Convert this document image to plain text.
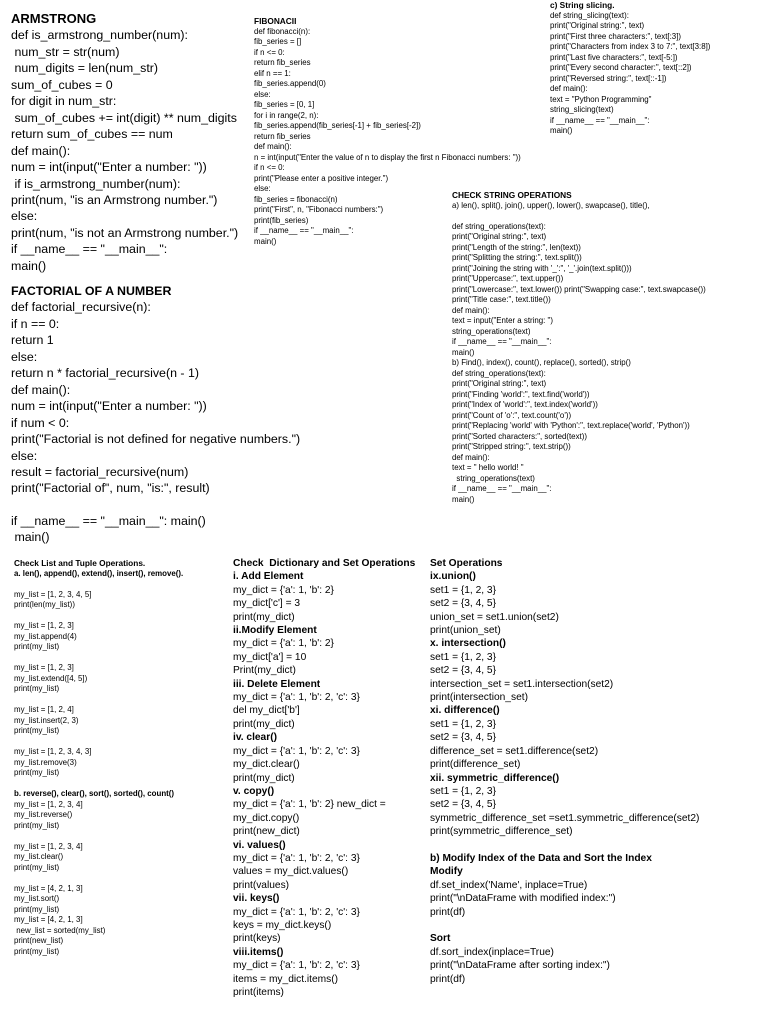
ARMSTRONG
def is_armstrong_number(num):
num_str = str(num)
num_digits = len(num_str)
sum_of_cubes = 0
for digit in num_str:
sum_of_cubes += int(digit) ** num_digits
return sum_of_cubes == num
def main():
num = int(input("Enter a number: "))
if is_armstrong_number(num):
print(num, "is an Armstrong number.")
else:
print(num, "is not an Armstrong number.")
if __name__ == "__main__":
main()
FACTORIAL OF A NUMBER
def factorial_recursive(n):
if n == 0:
return 1
else:
return n * factorial_recursive(n - 1)
def main():
num = int(input("Enter a number: "))
if num < 0:
print("Factorial is not defined for negative numbers.")
else:
result = factorial_recursive(num)
print("Factorial of", num, "is:", result)
if __name__ == "__main__": main()
main()
FIBONACII
def fibonacci(n):
fib_series = []
if n <= 0:
return fib_series
elif n == 1:
fib_series.append(0)
else:
fib_series = [0, 1]
for i in range(2, n):
fib_series.append(fib_series[-1] + fib_series[-2])
return fib_series
def main():
n = int(input("Enter the value of n to display the first n Fibonacci numbers: "))
if n <= 0:
print("Please enter a positive integer.")
else:
fib_series = fibonacci(n)
print("First", n, "Fibonacci numbers:")
print(fib_series)
if __name__ == "__main__":
main()
c) String slicing.
def string_slicing(text):
print("Original string:", text)
print("First three characters:", text[:3])
print("Characters from index 3 to 7:", text[3:8])
print("Last five characters:", text[-5:])
print("Every second character:", text[::2])
print("Reversed string:", text[::-1])
def main():
text = "Python Programming"
string_slicing(text)
if __name__ == "__main__":
main()
CHECK STRING OPERATIONS
a) len(), split(), join(), upper(), lower(), swapcase(), title(),
def string_operations(text):
print("Original string:", text)
print("Length of the string:", len(text))
print("Splitting the string:", text.split())
print("Joining the string with '_':", '_'.join(text.split()))
print("Uppercase:", text.upper())
print("Lowercase:", text.lower()) print("Swapping case:", text.swapcase())
print("Title case:", text.title())
def main():
text = input("Enter a string: ")
string_operations(text)
if __name__ == "__main__":
main()
b) Find(), index(), count(), replace(), sorted(), strip()
def string_operations(text):
print("Original string:", text)
print("Finding 'world':", text.find('world'))
print("Index of 'world':", text.index('world'))
print("Count of 'o':", text.count('o'))
print("Replacing 'world' with 'Python':", text.replace('world', 'Python'))
print("Sorted characters:", sorted(text))
print("Stripped string:", text.strip())
def main():
text = " hello world! "
string_operations(text)
if __name__ == "__main__":
main()
Check List and Tuple Operations.
a. len(), append(), extend(), insert(), remove().
my_list = [1, 2, 3, 4, 5]
print(len(my_list))
my_list = [1, 2, 3]
my_list.append(4)
print(my_list)
my_list = [1, 2, 3]
my_list.extend([4, 5])
print(my_list)
my_list = [1, 2, 4]
my_list.insert(2, 3)
print(my_list)
my_list = [1, 2, 3, 4, 3]
my_list.remove(3)
print(my_list)
b. reverse(), clear(), sort(), sorted(), count()
my_list = [1, 2, 3, 4]
my_list.reverse()
print(my_list)
my_list = [1, 2, 3, 4]
my_list.clear()
print(my_list)
my_list = [4, 2, 1, 3]
my_list.sort()
print(my_list)
my_list = [4, 2, 1, 3]
new_list = sorted(my_list)
print(new_list)
print(my_list)
Check  Dictionary and Set Operations
i. Add Element
my_dict = {'a': 1, 'b': 2}
my_dict['c'] = 3
print(my_dict)
ii.Modify Element
my_dict = {'a': 1, 'b': 2}
my_dict['a'] = 10
Print(my_dict)
iii. Delete Element
my_dict = {'a': 1, 'b': 2, 'c': 3}
del my_dict['b']
print(my_dict)
iv. clear()
my_dict = {'a': 1, 'b': 2, 'c': 3}
my_dict.clear()
print(my_dict)
v. copy()
my_dict = {'a': 1, 'b': 2} new_dict =
my_dict.copy()
print(new_dict)
vi. values()
my_dict = {'a': 1, 'b': 2, 'c': 3}
values = my_dict.values()
print(values)
vii. keys()
my_dict = {'a': 1, 'b': 2, 'c': 3}
keys = my_dict.keys()
print(keys)
viii.items()
my_dict = {'a': 1, 'b': 2, 'c': 3}
items = my_dict.items()
print(items)
Set Operations
ix.union()
set1 = {1, 2, 3}
set2 = {3, 4, 5}
union_set = set1.union(set2)
print(union_set)
x. intersection()
set1 = {1, 2, 3}
set2 = {3, 4, 5}
intersection_set = set1.intersection(set2)
print(intersection_set)
xi. difference()
set1 = {1, 2, 3}
set2 = {3, 4, 5}
difference_set = set1.difference(set2)
print(difference_set)
xii. symmetric_difference()
set1 = {1, 2, 3}
set2 = {3, 4, 5}
symmetric_difference_set =set1.symmetric_difference(set2)
print(symmetric_difference_set)
b) Modify Index of the Data and Sort the Index
Modify
df.set_index('Name', inplace=True)
print("\nDataFrame with modified index:")
print(df)
Sort
df.sort_index(inplace=True)
print("\nDataFrame after sorting index:")
print(df)
